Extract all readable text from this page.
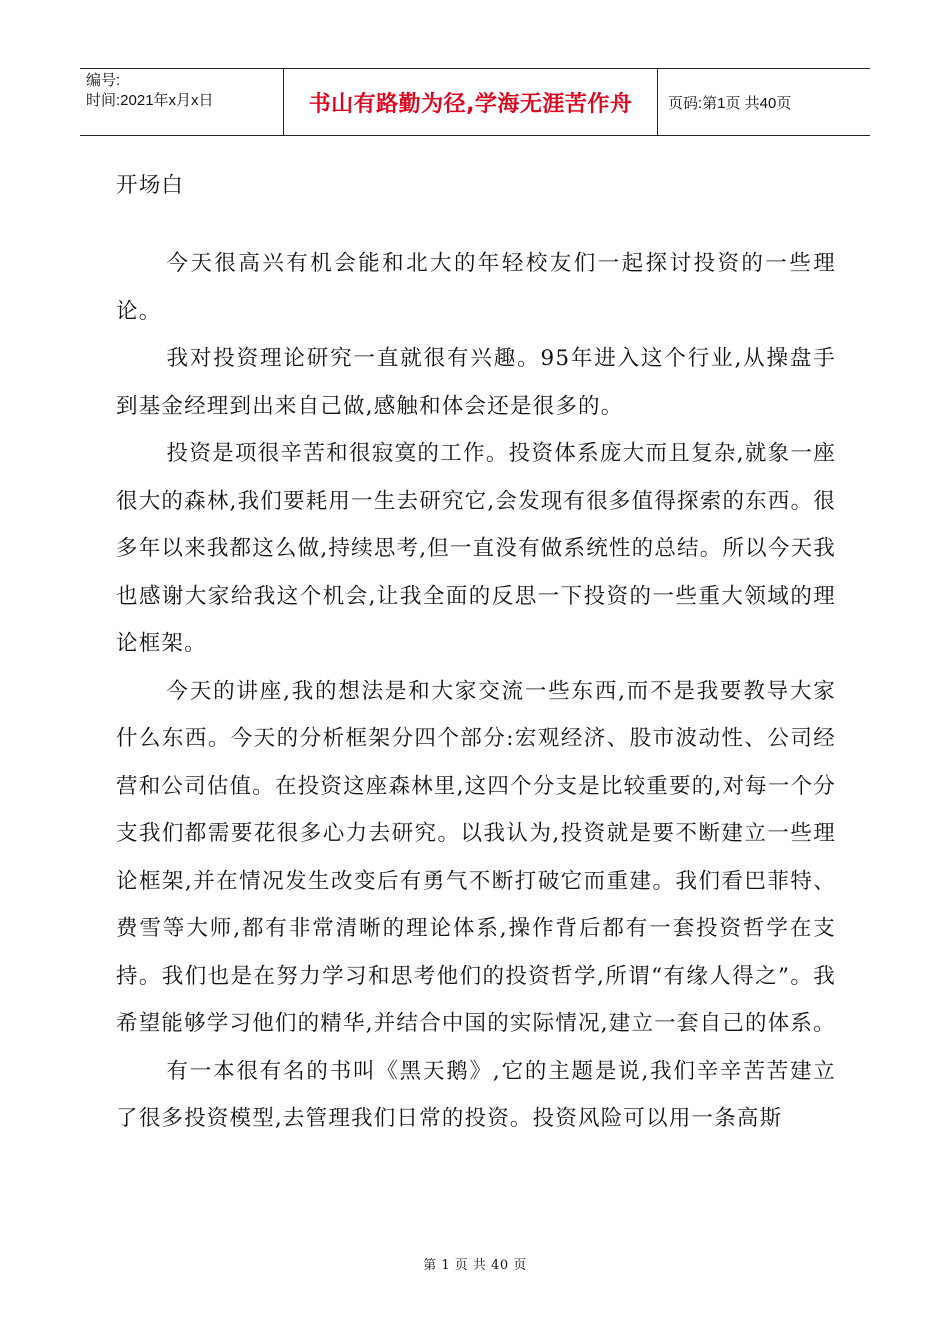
编号:
时间:2021年x月x日	书山有路勤为径,学海无涯苦作舟 页码:第1页 共40页
开场白

今天很高兴有机会能和北大的年轻校友们一起探讨投资的一些理论。

我对投资理论研究一直就很有兴趣。95年进入这个行业,从操盘手到基金经理到出来自己做,感触和体会还是很多的。

投资是项很辛苦和很寂寞的工作。投资体系庞大而且复杂,就象一座很大的森林,我们要耗用一生去研究它,会发现有很多值得探索的东西。很多年以来我都这么做,持续思考,但一直没有做系统性的总结。所以今天我也感谢大家给我这个机会,让我全面的反思一下投资的一些重大领域的理论框架。

今天的讲座,我的想法是和大家交流一些东西,而不是我要教导大家什么东西。今天的分析框架分四个部分:宏观经济、股市波动性、公司经营和公司估值。在投资这座森林里,这四个分支是比较重要的,对每一个分支我们都需要花很多心力去研究。以我认为,投资就是要不断建立一些理论框架,并在情况发生改变后有勇气不断打破它而重建。我们看巴菲特、费雪等大师,都有非常清晰的理论体系,操作背后都有一套投资哲学在支持。我们也是在努力学习和思考他们的投资哲学,所谓“有缘人得之”。我希望能够学习他们的精华,并结合中国的实际情况,建立一套自己的体系。

有一本很有名的书叫《黑天鹅》,它的主题是说,我们辛辛苦苦建立了很多投资模型,去管理我们日常的投资。投资风险可以用一条高斯

第 1 页 共 40 页
